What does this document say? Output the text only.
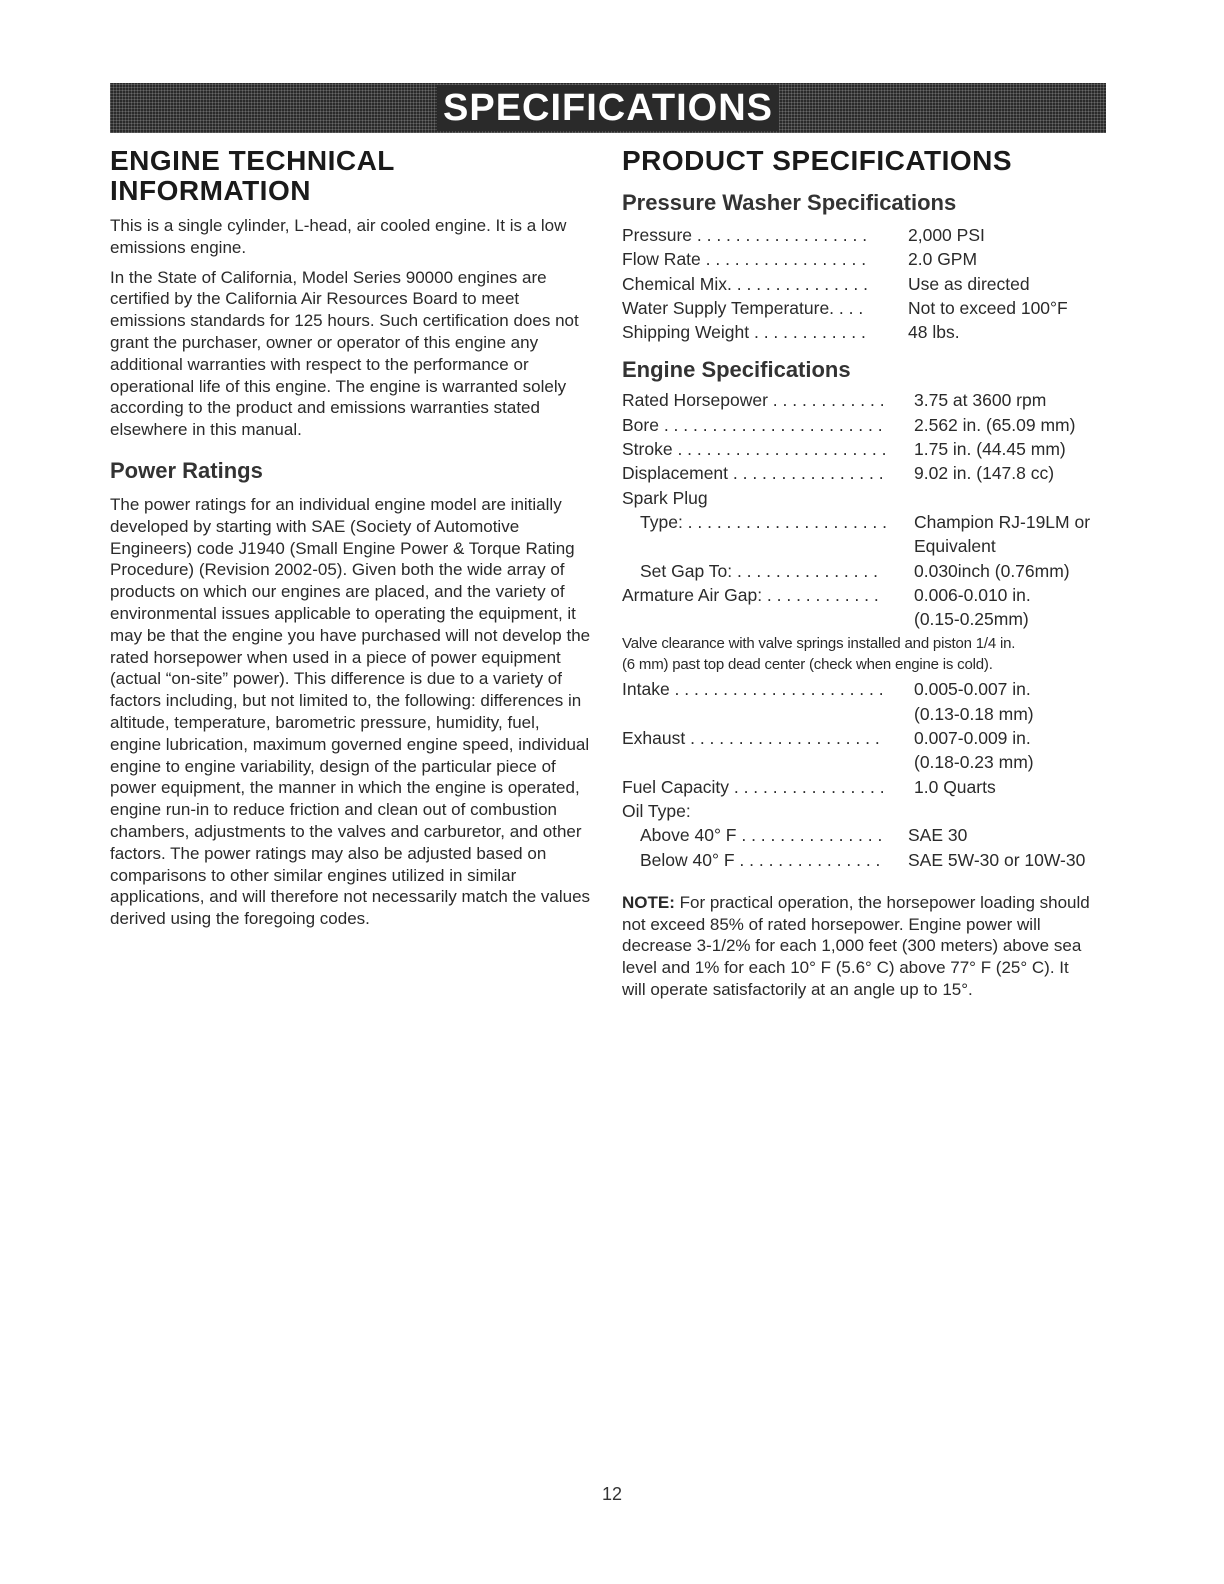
SPECIFICATIONS
ENGINE TECHNICAL INFORMATION

This is a single cylinder, L-head, air cooled engine. It is a low emissions engine.

In the State of California, Model Series 90000 engines are certified by the California Air Resources Board to meet emissions standards for 125 hours. Such certification does not grant the purchaser, owner or operator of this engine any additional warranties with respect to the performance or operational life of this engine. The engine is warranted solely according to the product and emissions warranties stated elsewhere in this manual.

Power Ratings

The power ratings for an individual engine model are initially developed by starting with SAE (Society of Automotive Engineers) code J1940 (Small Engine Power & Torque Rating Procedure) (Revision 2002-05). Given both the wide array of products on which our engines are placed, and the variety of environmental issues applicable to operating the equipment, it may be that the engine you have purchased will not develop the rated horsepower when used in a piece of power equipment (actual “on-site” power). This difference is due to a variety of factors including, but not limited to, the following: differences in altitude, temperature, barometric pressure, humidity, fuel, engine lubrication, maximum governed engine speed, individual engine to engine variability, design of the particular piece of power equipment, the manner in which the engine is operated, engine run-in to reduce friction and clean out of combustion chambers, adjustments to the valves and carburetor, and other factors. The power ratings may also be adjusted based on comparisons to other similar engines utilized in similar applications, and will therefore not necessarily match the values derived using the foregoing codes.

PRODUCT SPECIFICATIONS
Pressure Washer Specifications
Pressure . . . . . . . . . . . . . . . . . . 2,000 PSI
Flow Rate . . . . . . . . . . . . . . . . . 2.0 GPM
Chemical Mix. . . . . . . . . . . . . . . Use as directed
Water Supply Temperature. . . .	Not to exceed 100°F
Shipping Weight . . . . . . . . . . . . 48 lbs.
Engine Specifications
Rated Horsepower . . . . . . . . . . . . 3.75 at 3600 rpm
Bore . . . . . . . . . . . . . . . . . . . . . . . 2.562 in. (65.09 mm)
Stroke . . . . . . . . . . . . . . . . . . . . . . 1.75 in. (44.45 mm)
Displacement . . . . . . . . . . . . . . . . 9.02 in. (147.8 cc)
Spark Plug
Type: . . . . . . . . . . . . . . . . . . . . . Champion RJ-19LM or
Equivalent
Set Gap To: . . . . . . . . . . . . . . . 0.030inch (0.76mm)
Armature Air Gap: . . . . . . . . . . . . 0.006-0.010 in.
(0.15-0.25mm)
Valve clearance with valve springs installed and piston 1/4 in.
(6 mm) past top dead center (check when engine is cold).
Intake . . . . . . . . . . . . . . . . . . . . . . 0.005-0.007 in.
(0.13-0.18 mm)
Exhaust . . . . . . . . . . . . . . . . . . . . 0.007-0.009 in.
(0.18-0.23 mm)
Fuel Capacity . . . . . . . . . . . . . . . . 1.0 Quarts
Oil Type:
Above 40° F . . . . . . . . . . . . . . . SAE 30
Below 40° F . . . . . . . . . . . . . . . SAE 5W-30 or 10W-30

NOTE: For practical operation, the horsepower loading should not exceed 85% of rated horsepower. Engine power will decrease 3-1/2% for each 1,000 feet (300 meters) above sea level and 1% for each 10° F (5.6° C) above 77° F (25° C). It will operate satisfactorily at an angle up to 15°.

12
